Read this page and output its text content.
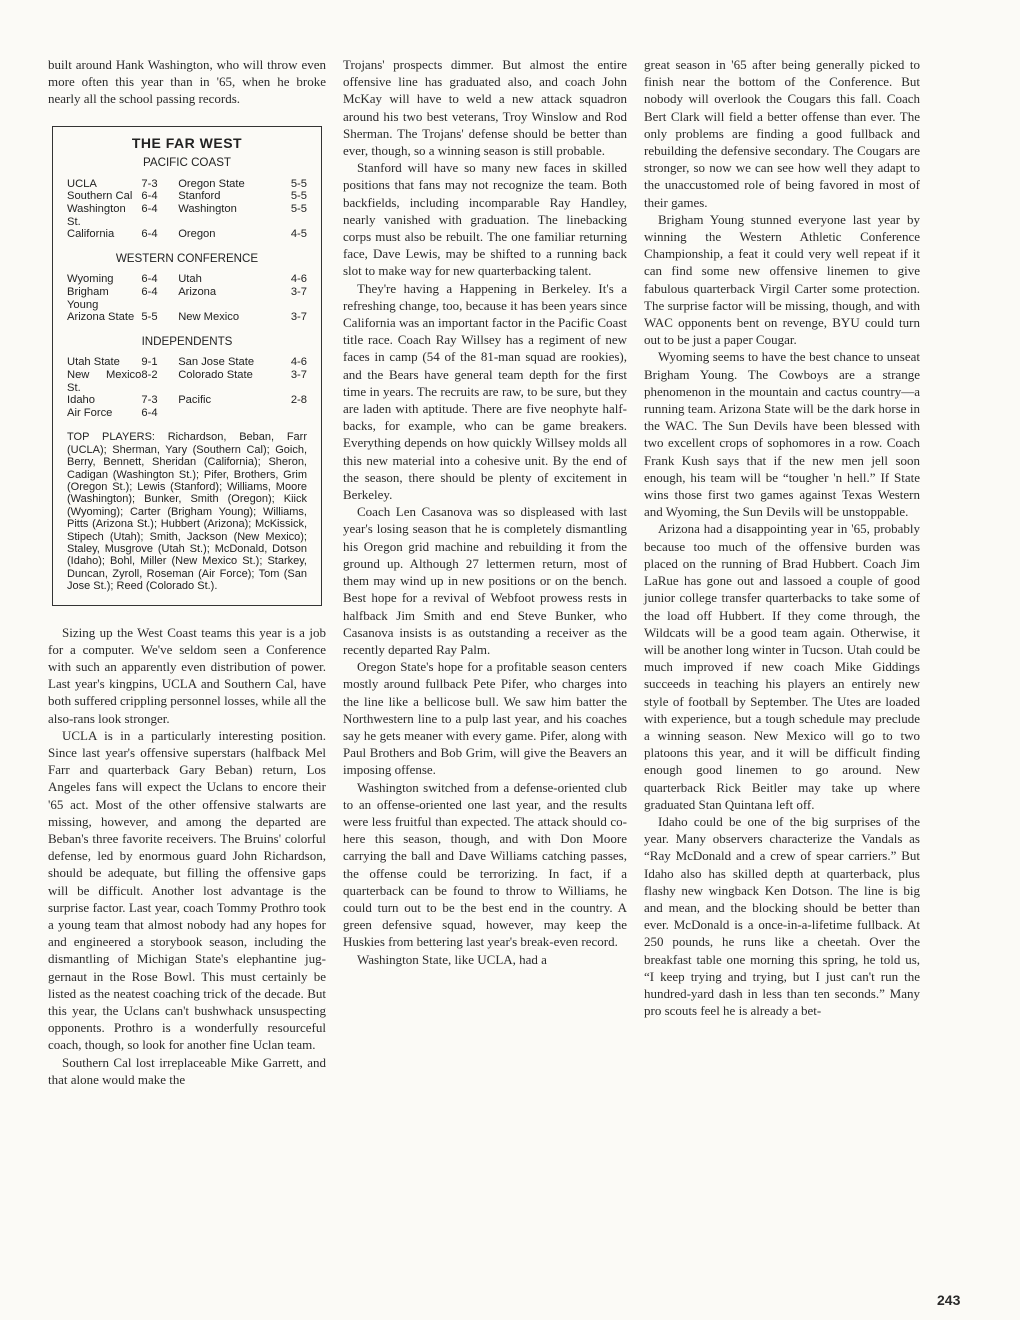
built around Hank Washington, who will throw even more often this year than in '65, when he broke nearly all the school passing records.

THE FAR WEST
PACIFIC COAST
UCLA	7-3	Oregon State	5-5
Southern Cal	6-4	Stanford	5-5
Washington St.	6-4	Washington	5-5
California	6-4	Oregon	4-5
WESTERN CONFERENCE
Wyoming	6-4	Utah	4-6
Brigham Young	6-4	Arizona	3-7
Arizona State	5-5	New Mexico	3-7
INDEPENDENTS
Utah State	9-1	San Jose State	4-6
New Mexico St.	8-2	Colorado State	3-7
Idaho	7-3	Pacific	2-8
Air Force	6-4		
TOP PLAYERS: Richardson, Beban, Farr (UCLA); Sherman, Yary (Southern Cal); Goich, Berry, Bennett, Sheridan (California); Sheron, Cadigan (Washington St.); Pifer, Brothers, Grim (Oregon St.); Lewis (Stanford); Williams, Moore (Washington); Bunker, Smith (Oregon); Kiick (Wyoming); Carter (Brigham Young); Williams, Pitts (Arizona St.); Hubbert (Arizona); McKissick, Stipech (Utah); Smith, Jackson (New Mexico); Staley, Musgrove (Utah St.); McDonald, Dotson (Idaho); Bohl, Miller (New Mexico St.); Starkey, Duncan, Zyroll, Roseman (Air Force); Tom (San Jose St.); Reed (Colorado St.).

Sizing up the West Coast teams this year is a job for a computer. We've seldom seen a Conference with such an apparently even distribution of power. Last year's kingpins, UCLA and Southern Cal, have both suffered crippling personnel losses, while all the also-rans look stronger.

UCLA is in a particularly interesting position. Since last year's offensive superstars (halfback Mel Farr and quarterback Gary Beban) return, Los Angeles fans will expect the Uclans to encore their '65 act. Most of the other offensive stalwarts are missing, however, and among the departed are Beban's three favorite receivers. The Bruins' colorful defense, led by enormous guard John Richardson, should be adequate, but filling the offensive gaps will be difficult. Another lost advantage is the surprise factor. Last year, coach Tommy Prothro took a young team that almost nobody had any hopes for and engineered a storybook season, including the dismantling of Michigan State's elephantine juggernaut in the Rose Bowl. This must certainly be listed as the neatest coaching trick of the decade. But this year, the Uclans can't bushwhack unsuspecting opponents. Prothro is a wonderfully resourceful coach, though, so look for another fine Uclan team.

Southern Cal lost irreplaceable Mike Garrett, and that alone would make the

Trojans' prospects dimmer. But almost the entire offensive line has graduated also, and coach John McKay will have to weld a new attack squadron around his two best veterans, Troy Winslow and Rod Sherman. The Trojans' defense should be better than ever, though, so a winning season is still probable.

Stanford will have so many new faces in skilled positions that fans may not recognize the team. Both backfields, including incomparable Ray Handley, nearly vanished with graduation. The linebacking corps must also be rebuilt. The one familiar returning face, Dave Lewis, may be shifted to a running back slot to make way for new quarterbacking talent.

They're having a Happening in Berkeley. It's a refreshing change, too, because it has been years since California was an important factor in the Pacific Coast title race. Coach Ray Willsey has a regiment of new faces in camp (54 of the 81-man squad are rookies), and the Bears have general team depth for the first time in years. The recruits are raw, to be sure, but they are laden with aptitude. There are five neophyte halfbacks, for example, who can be game breakers. Everything depends on how quickly Willsey molds all this new material into a cohesive unit. By the end of the season, there should be plenty of excitement in Berkeley.

Coach Len Casanova was so displeased with last year's losing season that he is completely dismantling his Oregon grid machine and rebuilding it from the ground up. Although 27 lettermen return, most of them may wind up in new positions or on the bench. Best hope for a revival of Webfoot prowess rests in halfback Jim Smith and end Steve Bunker, who Casanova insists is as outstanding a receiver as the recently departed Ray Palm.

Oregon State's hope for a profitable season centers mostly around fullback Pete Pifer, who charges into the line like a bellicose bull. We saw him batter the Northwestern line to a pulp last year, and his coaches say he gets meaner with every game. Pifer, along with Paul Brothers and Bob Grim, will give the Beavers an imposing offense.

Washington switched from a defense-oriented club to an offense-oriented one last year, and the results were less fruitful than expected. The attack should cohere this season, though, and with Don Moore carrying the ball and Dave Williams catching passes, the offense could be terrorizing. In fact, if a quarterback can be found to throw to Williams, he could turn out to be the best end in the country. A green defensive squad, however, may keep the Huskies from bettering last year's break-even record.

Washington State, like UCLA, had a

great season in '65 after being generally picked to finish near the bottom of the Conference. But nobody will overlook the Cougars this fall. Coach Bert Clark will field a better offense than ever. The only problems are finding a good fullback and rebuilding the defensive secondary. The Cougars are stronger, so now we can see how well they adapt to the unaccustomed role of being favored in most of their games.

Brigham Young stunned everyone last year by winning the Western Athletic Conference Championship, a feat it could very well repeat if it can find some new offensive linemen to give fabulous quarterback Virgil Carter some protection. The surprise factor will be missing, though, and with WAC opponents bent on revenge, BYU could turn out to be just a paper Cougar.

Wyoming seems to have the best chance to unseat Brigham Young. The Cowboys are a strange phenomenon in the mountain and cactus country—a running team. Arizona State will be the dark horse in the WAC. The Sun Devils have been blessed with two excellent crops of sophomores in a row. Coach Frank Kush says that if the new men jell soon enough, his team will be “tougher 'n hell.” If State wins those first two games against Texas Western and Wyoming, the Sun Devils will be unstoppable.

Arizona had a disappointing year in '65, probably because too much of the offensive burden was placed on the running of Brad Hubbert. Coach Jim LaRue has gone out and lassoed a couple of good junior college transfer quarterbacks to take some of the load off Hubbert. If they come through, the Wildcats will be a good team again. Otherwise, it will be another long winter in Tucson. Utah could be much improved if new coach Mike Giddings succeeds in teaching his players an entirely new style of football by September. The Utes are loaded with experience, but a tough schedule may preclude a winning season. New Mexico will go to two platoons this year, and it will be difficult finding enough good linemen to go around. New quarterback Rick Beitler may take up where graduated Stan Quintana left off.

Idaho could be one of the big surprises of the year. Many observers characterize the Vandals as “Ray McDonald and a crew of spear carriers.” But Idaho also has skilled depth at quarterback, plus flashy new wingback Ken Dotson. The line is big and mean, and the blocking should be better than ever. McDonald is a once-in-a-lifetime fullback. At 250 pounds, he runs like a cheetah. Over the breakfast table one morning this spring, he told us, “I keep trying and trying, but I just can't run the hundred-yard dash in less than ten seconds.” Many pro scouts feel he is already a bet-

243
